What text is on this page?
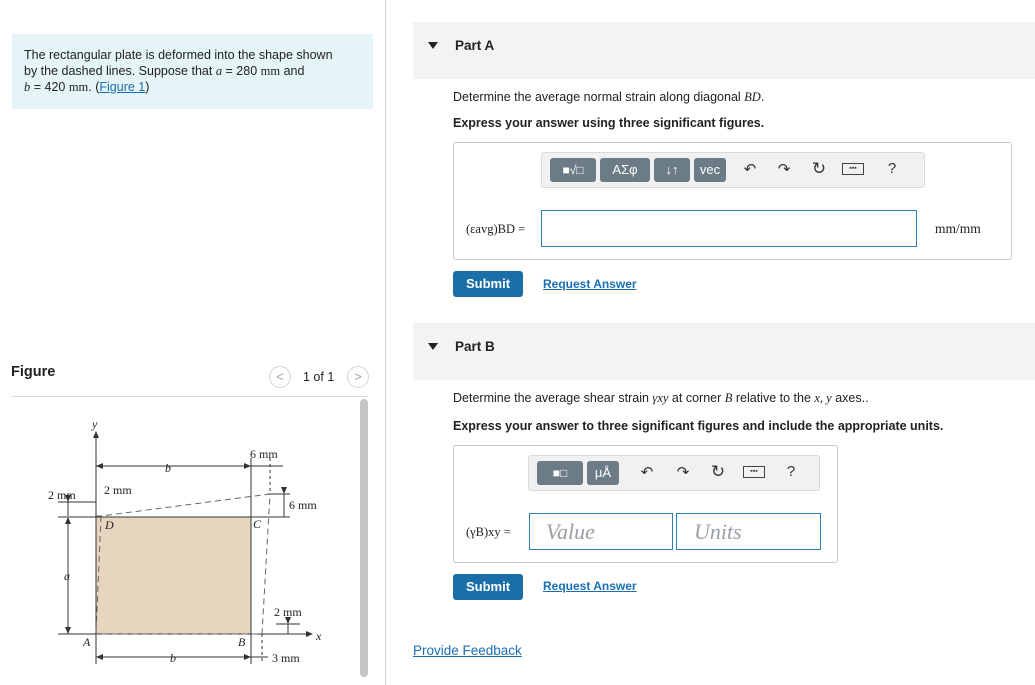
The rectangular plate is deformed into the shape shown
by the dashed lines. Suppose that a = 280 mm and
b = 420 mm. (Figure 1)
Figure	<	1 of 1	>
y
x
b
b
a
A	B
C
D
6 mm
6 mm
2 mm 2 mm
2 mm
3 mm
Part A
Determine the average normal strain along diagonal BD.
Express your answer using three significant figures.
■√□	ΑΣφ	↓↑	vec	↶ ↷ ↻	▪▪▪	?
(εavg)BD =	mm/mm
Submit	Request Answer
Part B
Determine the average shear strain γxy at corner B relative to the x, y axes..
Express your answer to three significant figures and include the appropriate units.
■□	μÅ	↶ ↷ ↻	▪▪▪	?
(γB)xy = Value	Units
Submit	Request Answer
Provide Feedback
